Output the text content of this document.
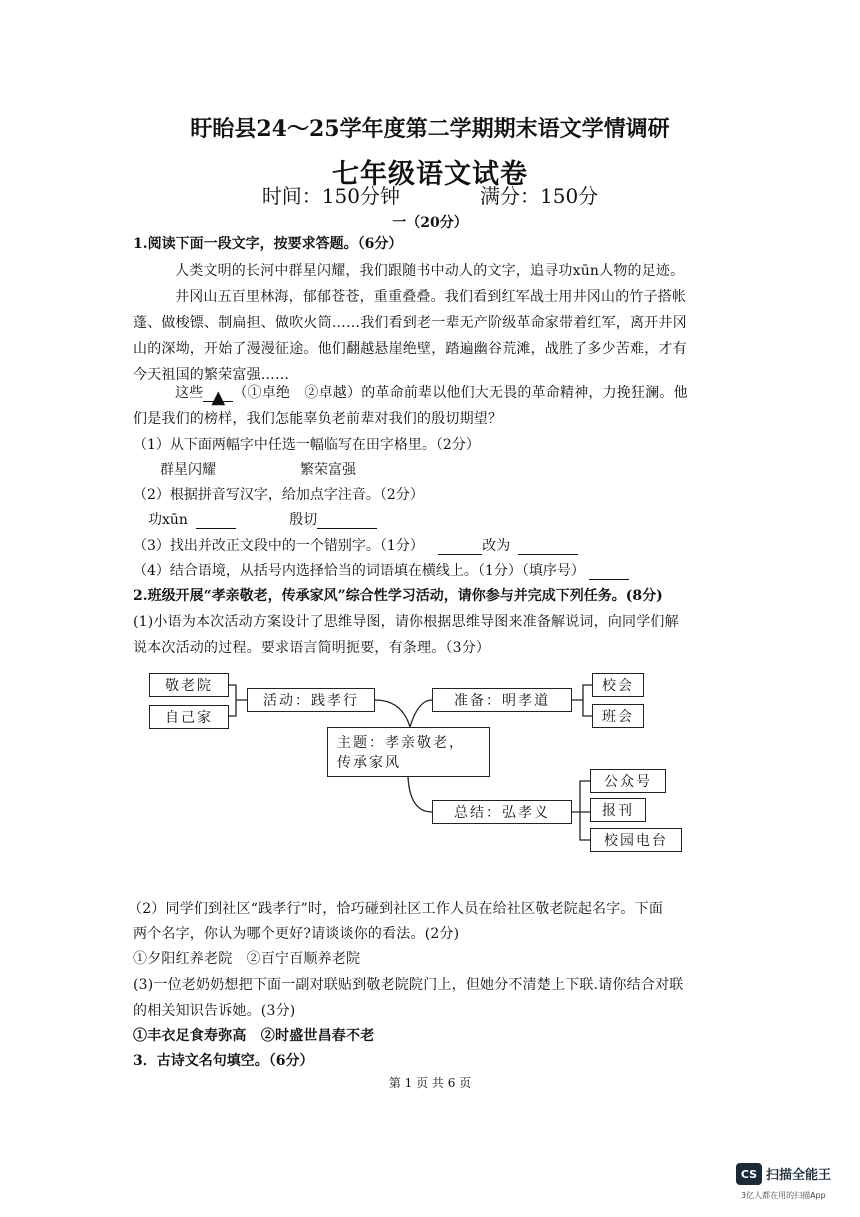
盱眙县24～25学年度第二学期期末语文学情调研
七年级语文试卷
时间：150分钟	满分：150分
一（20分）
1.阅读下面一段文字，按要求答题。（6分）
人类文明的长河中群星闪耀，我们跟随书中动人的文字，追寻功xūn人物的足迹。
井冈山五百里林海，郁郁苍苍，重重叠叠。我们看到红军战士用井冈山的竹子搭帐
蓬、做梭镖、制扁担、做吹火筒……我们看到老一辈无产阶级革命家带着红军，离开井冈
山的深坳，开始了漫漫征途。他们翻越悬崖绝壁，踏遍幽谷荒滩，战胜了多少苦难，才有
今天祖国的繁荣富强……
这些 ▲ （①卓绝　②卓越）的革命前辈以他们大无畏的革命精神，力挽狂澜。他
们是我们的榜样，我们怎能辜负老前辈对我们的殷切期望？
（1）从下面两幅字中任选一幅临写在田字格里。（2分）
群星闪耀	繁荣富强
（2）根据拼音写汉字，给加点字注音。（2分）
功xūn	殷切
（3）找出并改正文段中的一个错别字。（1分）	改为
（4）结合语境，从括号内选择恰当的词语填在横线上。（1分）（填序号）
2.班级开展“孝亲敬老，传承家风”综合性学习活动，请你参与并完成下列任务。(8分)
(1)小语为本次活动方案设计了思维导图，请你根据思维导图来准备解说词，向同学们解
说本次活动的过程。要求语言简明扼要，有条理。（3分）
敬老院
自己家
活动：践孝行	准备：明孝道
校会
班会
主题：孝亲敬老，
传承家风
总结：弘孝义
公众号
报刊
校园电台
（2）同学们到社区“践孝行”时，恰巧碰到社区工作人员在给社区敬老院起名字。下面
两个名字，你认为哪个更好?请谈谈你的看法。(2分)
①夕阳红养老院　②百宁百顺养老院
(3)一位老奶奶想把下面一副对联贴到敬老院院门上，但她分不清楚上下联.请你结合对联
的相关知识告诉她。(3分)
①丰衣足食寿弥高　②时盛世昌春不老
3．古诗文名句填空。（6分）
第 1 页 共 6 页
CS 扫描全能王
3亿人都在用的扫描App
